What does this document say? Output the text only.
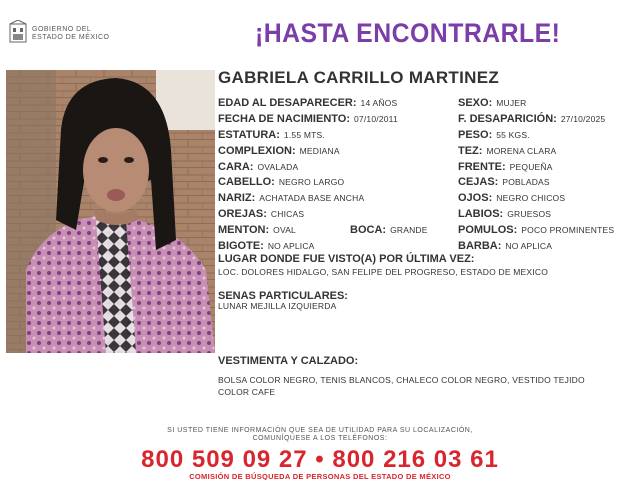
GOBIERNO DEL
ESTADO DE MÉXICO	¡HASTA ENCONTRARLE!
GABRIELA CARRILLO MARTINEZ
EDAD AL DESAPARECER: 14 AÑOS
FECHA DE NACIMIENTO: 07/10/2011
ESTATURA: 1.55 MTS.
COMPLEXION: MEDIANA
CARA: OVALADA
CABELLO: NEGRO LARGO
NARIZ: ACHATADA BASE ANCHA
OREJAS: CHICAS
MENTON: OVAL
BIGOTE: NO APLICA
BOCA: GRANDE
SEXO: MUJER
F. DESAPARICIÓN: 27/10/2025
PESO: 55 KGS.
TEZ: MORENA CLARA
FRENTE: PEQUEÑA
CEJAS: POBLADAS
OJOS: NEGRO CHICOS
LABIOS: GRUESOS
POMULOS: POCO PROMINENTES
BARBA: NO APLICA
LUGAR DONDE FUE VISTO(A) POR ÚLTIMA VEZ:
LOC. DOLORES HIDALGO, SAN FELIPE DEL PROGRESO, ESTADO DE MEXICO
SENAS PARTICULARES:
LUNAR MEJILLA IZQUIERDA
VESTIMENTA Y CALZADO:
BOLSA COLOR NEGRO, TENIS BLANCOS, CHALECO COLOR NEGRO, VESTIDO TEJIDO
COLOR CAFE
SI USTED TIENE INFORMACIÓN QUE SEA DE UTILIDAD PARA SU LOCALIZACIÓN,
COMUNÍQUESE A LOS TELÉFONOS:
800 509 09 27 • 800 216 03 61
COMISIÓN DE BÚSQUEDA DE PERSONAS DEL ESTADO DE MÉXICO
